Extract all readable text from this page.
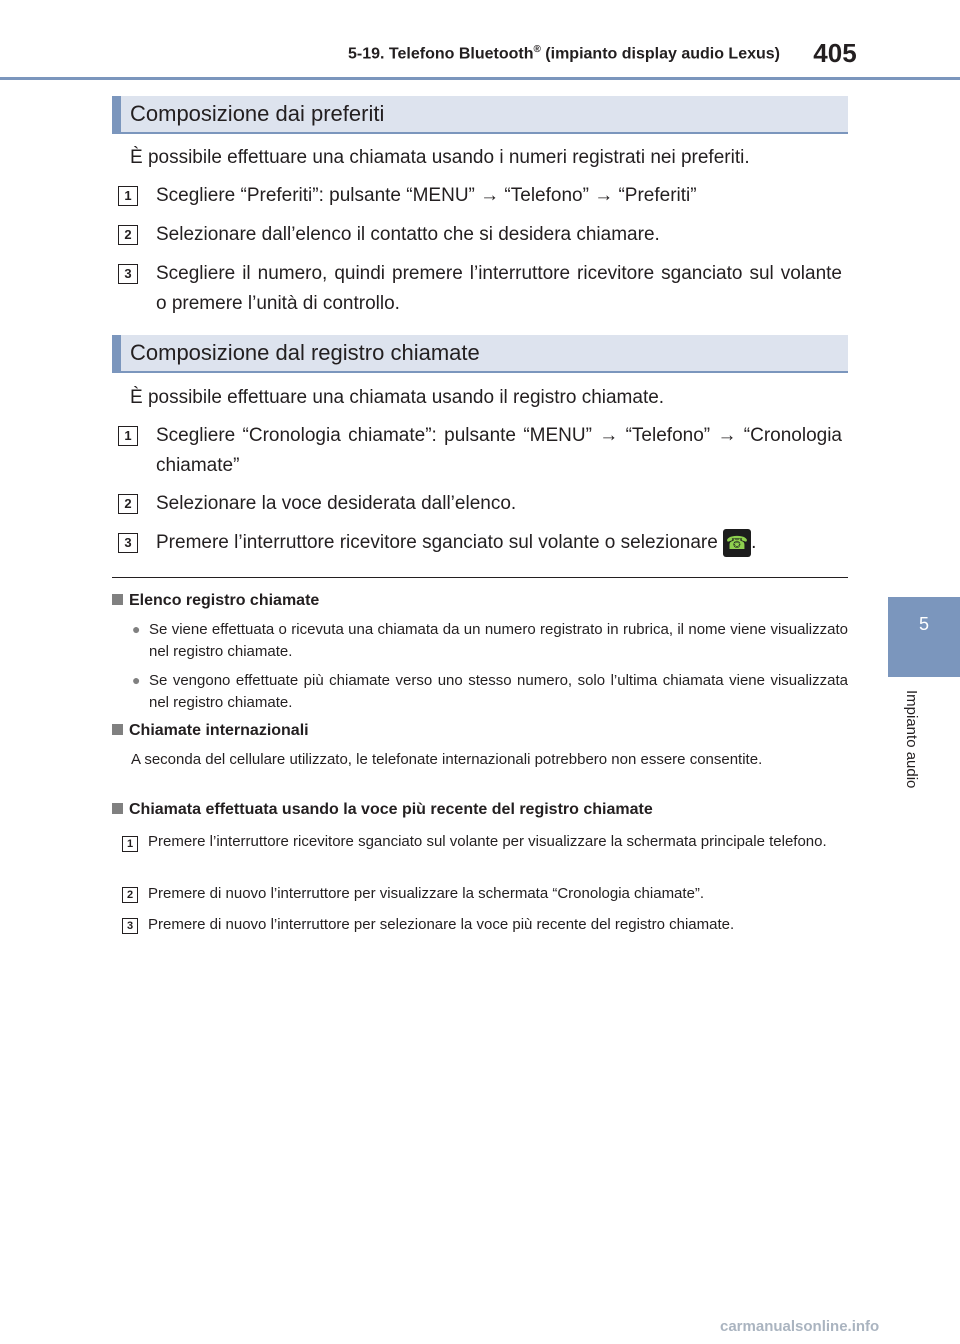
5-19. Telefono Bluetooth® (impianto display audio Lexus)	405
5
Impianto audio
Composizione dai preferiti
È possibile effettuare una chiamata usando i numeri registrati nei preferiti.
1	Scegliere “Preferiti”: pulsante “MENU” → “Telefono” → “Preferiti”
2	Selezionare dall’elenco il contatto che si desidera chiamare.
3	Scegliere il numero, quindi premere l’interruttore ricevitore sganciato sul volante o premere l’unità di controllo.
Composizione dal registro chiamate
È possibile effettuare una chiamata usando il registro chiamate.
1	Scegliere “Cronologia chiamate”: pulsante “MENU” → “Telefono” → “Cronologia chiamate”
2	Selezionare la voce desiderata dall’elenco.
3	Premere l’interruttore ricevitore sganciato sul volante o selezionare ☎ .
Elenco registro chiamate
● Se viene effettuata o ricevuta una chiamata da un numero registrato in rubrica, il nome viene visualizzato nel registro chiamate.
● Se vengono effettuate più chiamate verso uno stesso numero, solo l’ultima chiamata viene visualizzata nel registro chiamate.
Chiamate internazionali
A seconda del cellulare utilizzato, le telefonate internazionali potrebbero non essere consentite.
Chiamata effettuata usando la voce più recente del registro chiamate
1 Premere l’interruttore ricevitore sganciato sul volante per visualizzare la schermata principale telefono.
2 Premere di nuovo l’interruttore per visualizzare la schermata “Cronologia chiamate”.
3 Premere di nuovo l’interruttore per selezionare la voce più recente del registro chiamate.
carmanualsonline.info
